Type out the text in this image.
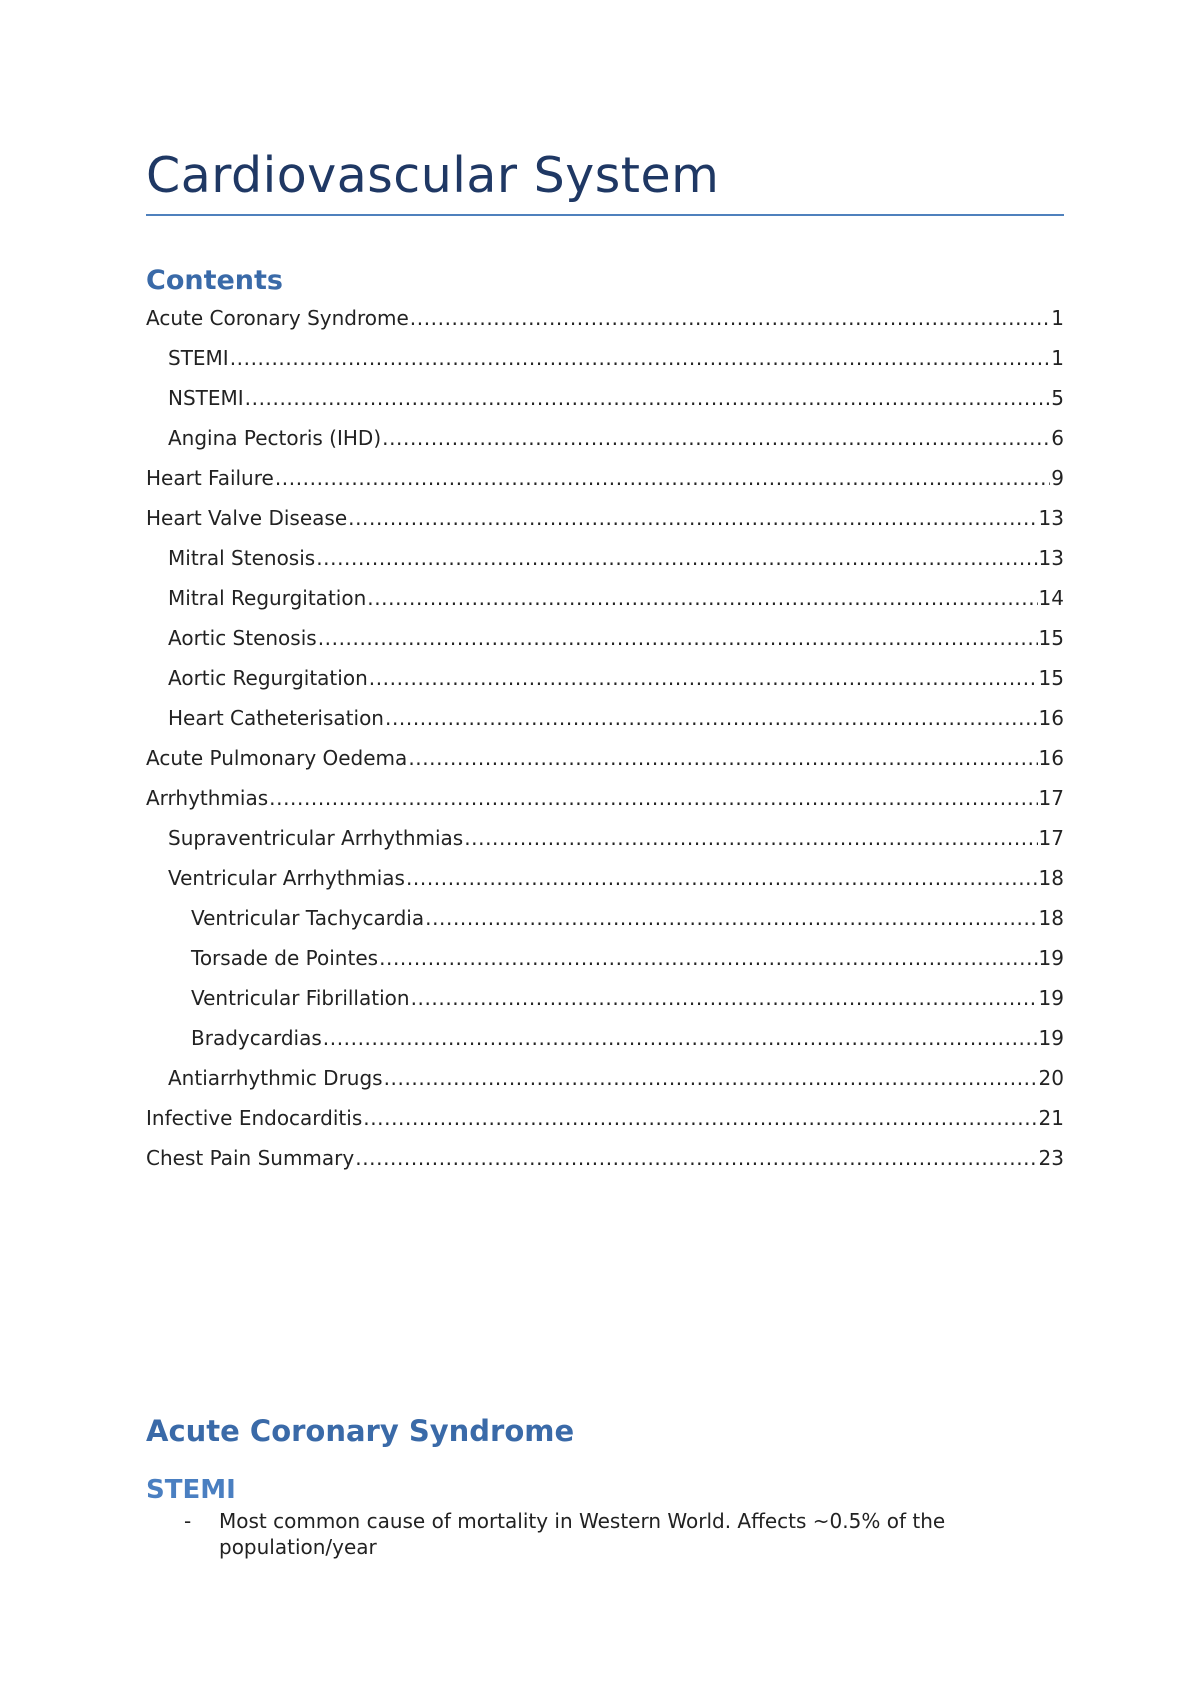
Cardiovascular System
Contents
Acute Coronary Syndrome .....	1
STEMI .....	1
NSTEMI .....	5
Angina Pectoris (IHD) .....	6
Heart Failure .....	9
Heart Valve Disease .....	13
Mitral Stenosis .....	13
Mitral Regurgitation .....	14
Aortic Stenosis .....	15
Aortic Regurgitation .....	15
Heart Catheterisation .....	16
Acute Pulmonary Oedema .....	16
Arrhythmias .....	17
Supraventricular Arrhythmias .....	17
Ventricular Arrhythmias .....	18
Ventricular Tachycardia .....	18
Torsade de Pointes .....	19
Ventricular Fibrillation .....	19
Bradycardias .....	19
Antiarrhythmic Drugs .....	20
Infective Endocarditis .....	21
Chest Pain Summary .....	23
Acute Coronary Syndrome
STEMI
-	Most common cause of mortality in Western World. Affects ~0.5% of the population/year
